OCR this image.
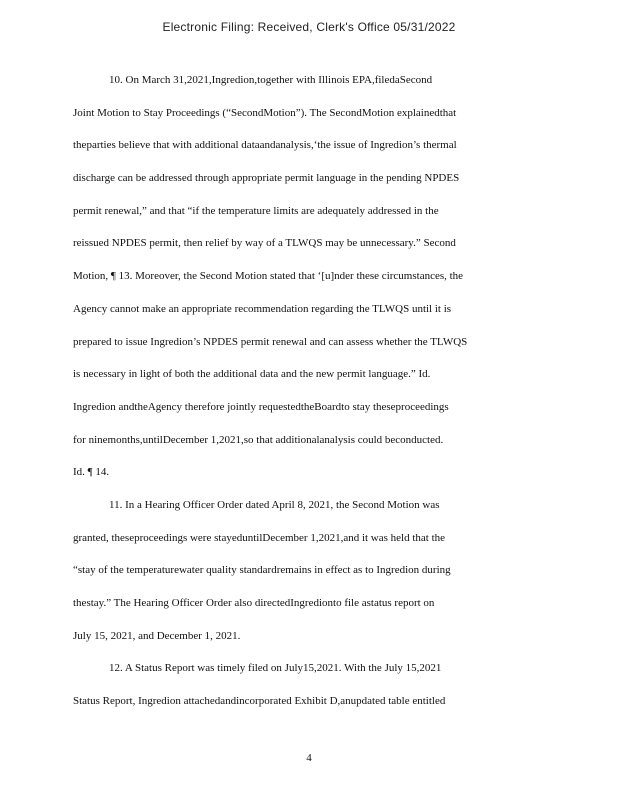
Electronic Filing: Received, Clerk's Office 05/31/2022
10. On March 31,2021,Ingredion,together with Illinois EPA,filedaSecond
Joint Motion to Stay Proceedings (“SecondMotion”). The SecondMotion explainedthat
theparties believe that with additional dataandanalysis,‘the issue of Ingredion’s thermal
discharge can be addressed through appropriate permit language in the pending NPDES
permit renewal,” and that “if the temperature limits are adequately addressed in the
reissued NPDES permit, then relief by way of a TLWQS may be unnecessary.” Second
Motion, ¶ 13. Moreover, the Second Motion stated that ‘[u]nder these circumstances, the
Agency cannot make an appropriate recommendation regarding the TLWQS until it is
prepared to issue Ingredion’s NPDES permit renewal and can assess whether the TLWQS
is necessary in light of both the additional data and the new permit language.” Id.
Ingredion andtheAgency therefore jointly requestedtheBoardto stay theseproceedings
for ninemonths,untilDecember 1,2021,so that additionalanalysis could beconducted.
Id. ¶ 14.
11. In a Hearing Officer Order dated April 8, 2021, the Second Motion was
granted, theseproceedings were stayeduntilDecember 1,2021,and it was held that the
“stay of the temperaturewater quality standardremains in effect as to Ingredion during
thestay.” The Hearing Officer Order also directedIngredionto file astatus report on
July 15, 2021, and December 1, 2021.
12. A Status Report was timely filed on July15,2021. With the July 15,2021
Status Report, Ingredion attachedandincorporated Exhibit D,anupdated table entitled
4
